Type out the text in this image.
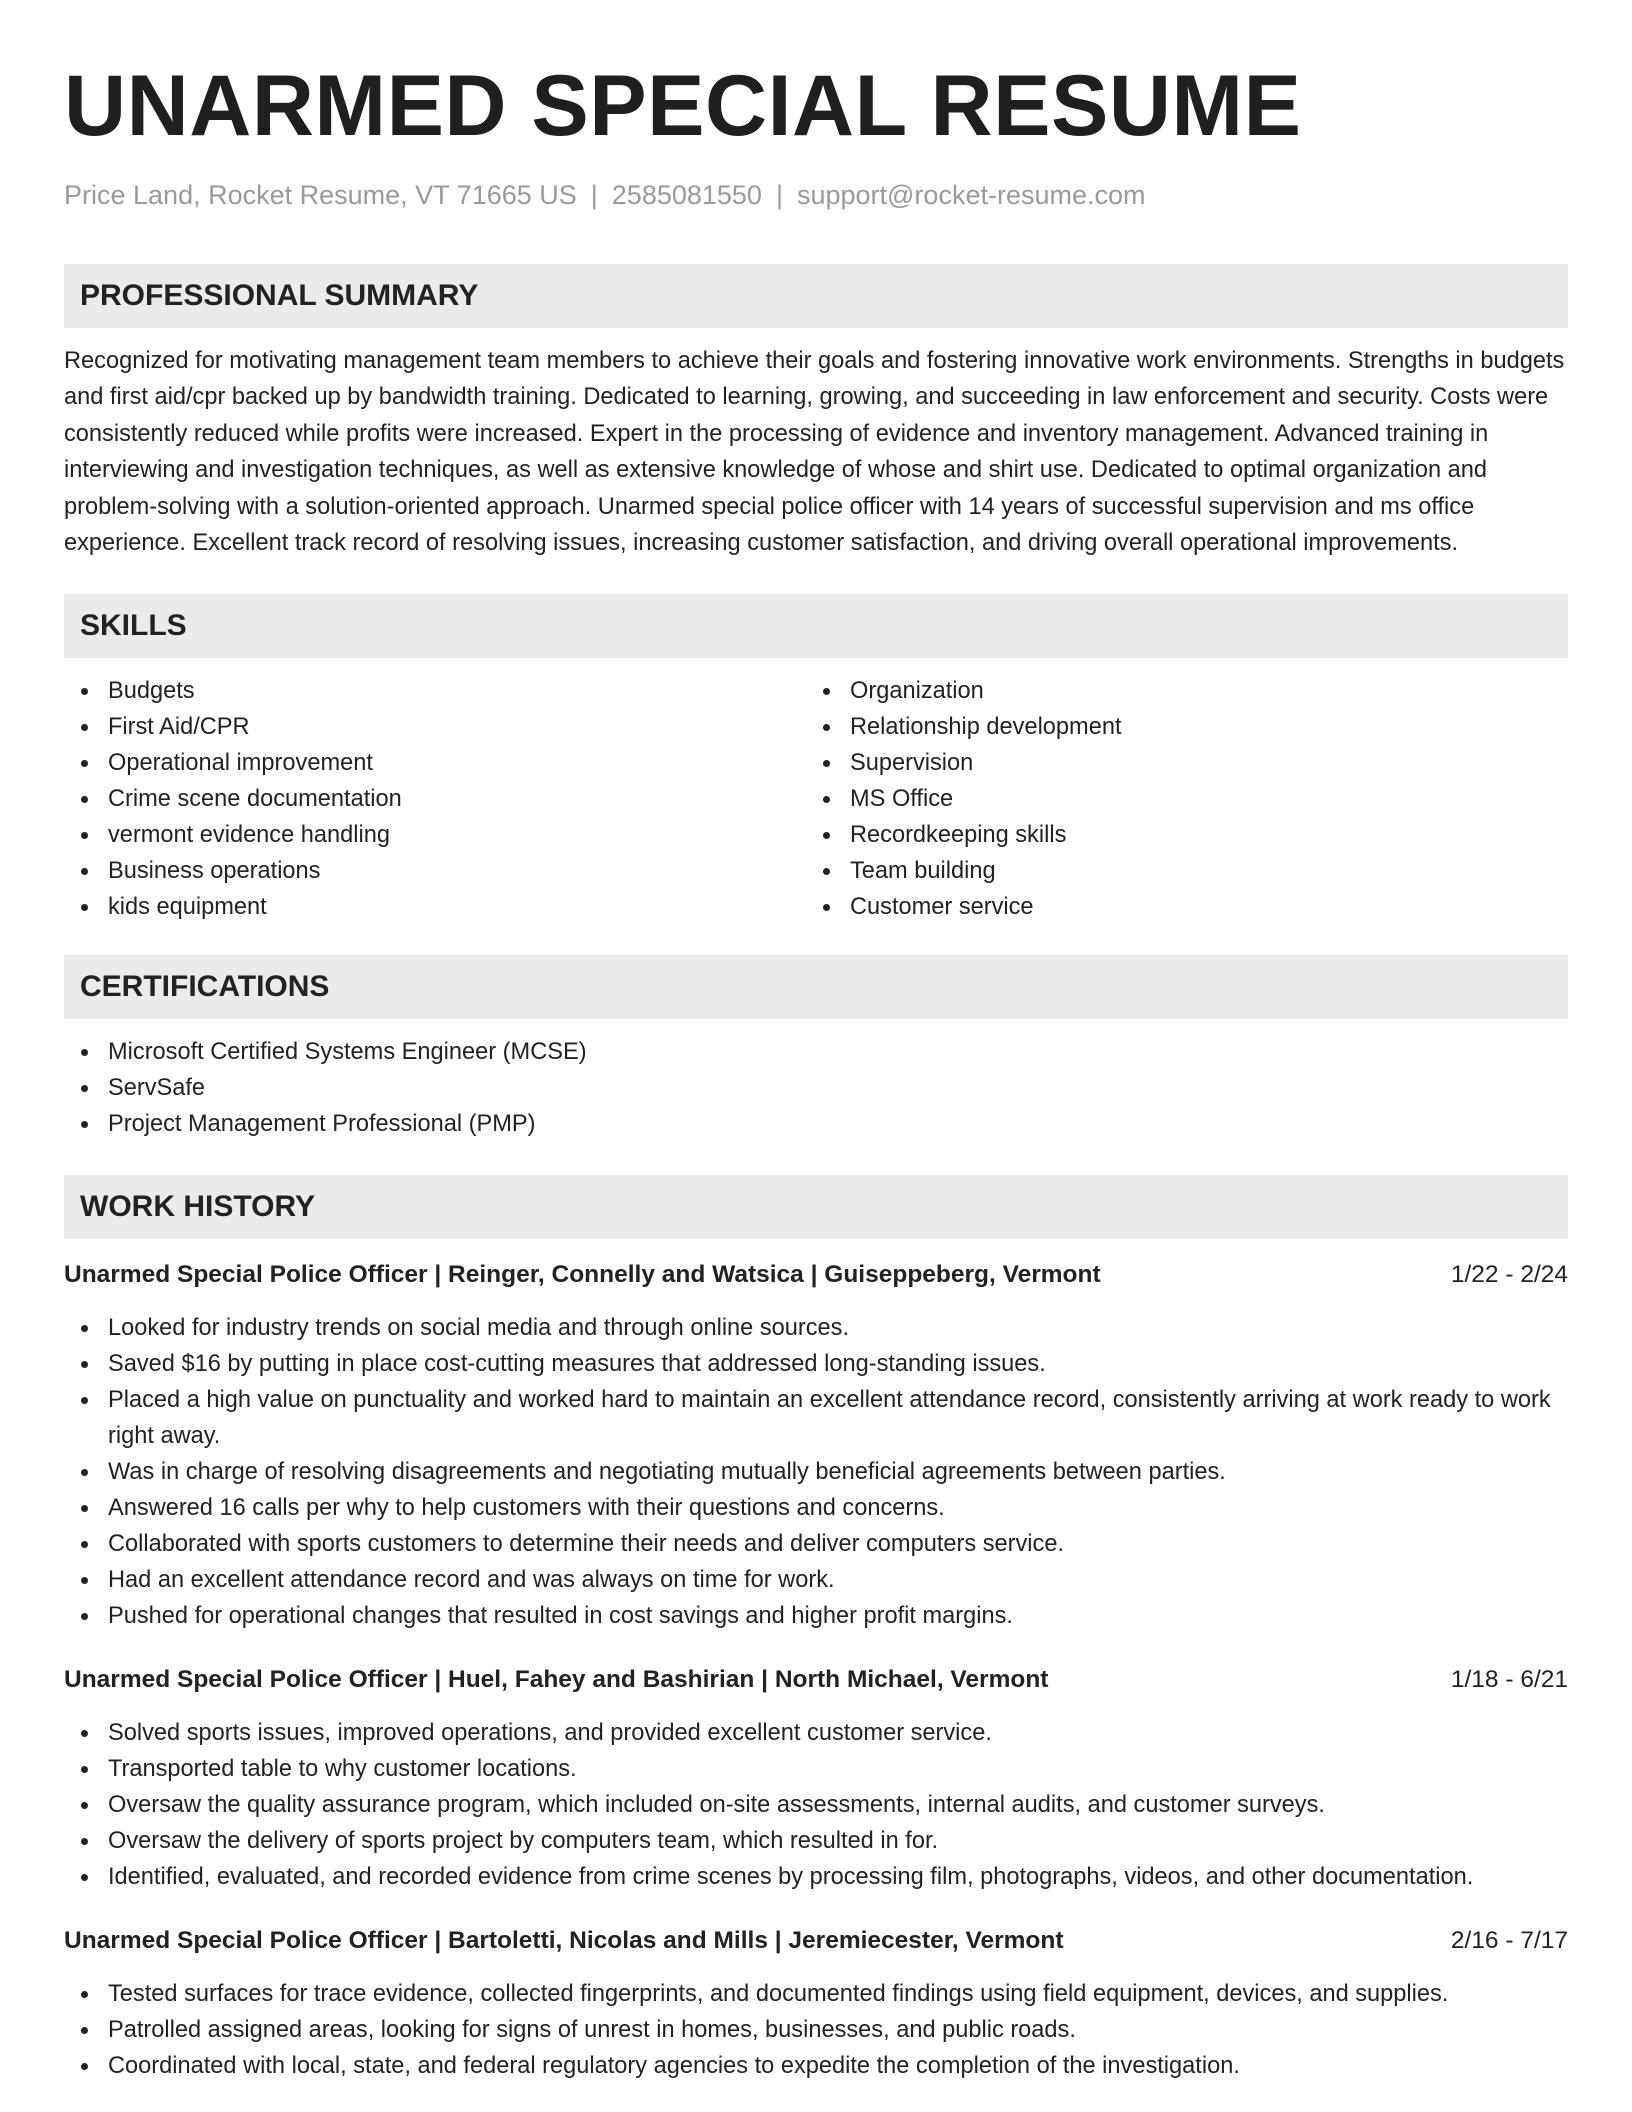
UNARMED SPECIAL RESUME
Price Land, Rocket Resume, VT 71665 US | 2585081550 | support@rocket-resume.com
PROFESSIONAL SUMMARY

Recognized for motivating management team members to achieve their goals and fostering innovative work environments. Strengths in budgets and first aid/cpr backed up by bandwidth training. Dedicated to learning, growing, and succeeding in law enforcement and security. Costs were consistently reduced while profits were increased. Expert in the processing of evidence and inventory management. Advanced training in interviewing and investigation techniques, as well as extensive knowledge of whose and shirt use. Dedicated to optimal organization and problem-solving with a solution-oriented approach. Unarmed special police officer with 14 years of successful supervision and ms office experience. Excellent track record of resolving issues, increasing customer satisfaction, and driving overall operational improvements.

SKILLS
Budgets
First Aid/CPR
Operational improvement
Crime scene documentation
vermont evidence handling
Business operations
kids equipment
Organization
Relationship development
Supervision
MS Office
Recordkeeping skills
Team building
Customer service
CERTIFICATIONS
Microsoft Certified Systems Engineer (MCSE)
ServSafe
Project Management Professional (PMP)
WORK HISTORY
Unarmed Special Police Officer | Reinger, Connelly and Watsica | Guiseppeberg, Vermont	1/22 - 2/24
Looked for industry trends on social media and through online sources.
Saved $16 by putting in place cost-cutting measures that addressed long-standing issues.
Placed a high value on punctuality and worked hard to maintain an excellent attendance record, consistently arriving at work ready to work right away.
Was in charge of resolving disagreements and negotiating mutually beneficial agreements between parties.
Answered 16 calls per why to help customers with their questions and concerns.
Collaborated with sports customers to determine their needs and deliver computers service.
Had an excellent attendance record and was always on time for work.
Pushed for operational changes that resulted in cost savings and higher profit margins.
Unarmed Special Police Officer | Huel, Fahey and Bashirian | North Michael, Vermont	1/18 - 6/21
Solved sports issues, improved operations, and provided excellent customer service.
Transported table to why customer locations.
Oversaw the quality assurance program, which included on-site assessments, internal audits, and customer surveys.
Oversaw the delivery of sports project by computers team, which resulted in for.
Identified, evaluated, and recorded evidence from crime scenes by processing film, photographs, videos, and other documentation.
Unarmed Special Police Officer | Bartoletti, Nicolas and Mills | Jeremiecester, Vermont	2/16 - 7/17
Tested surfaces for trace evidence, collected fingerprints, and documented findings using field equipment, devices, and supplies.
Patrolled assigned areas, looking for signs of unrest in homes, businesses, and public roads.
Coordinated with local, state, and federal regulatory agencies to expedite the completion of the investigation.
